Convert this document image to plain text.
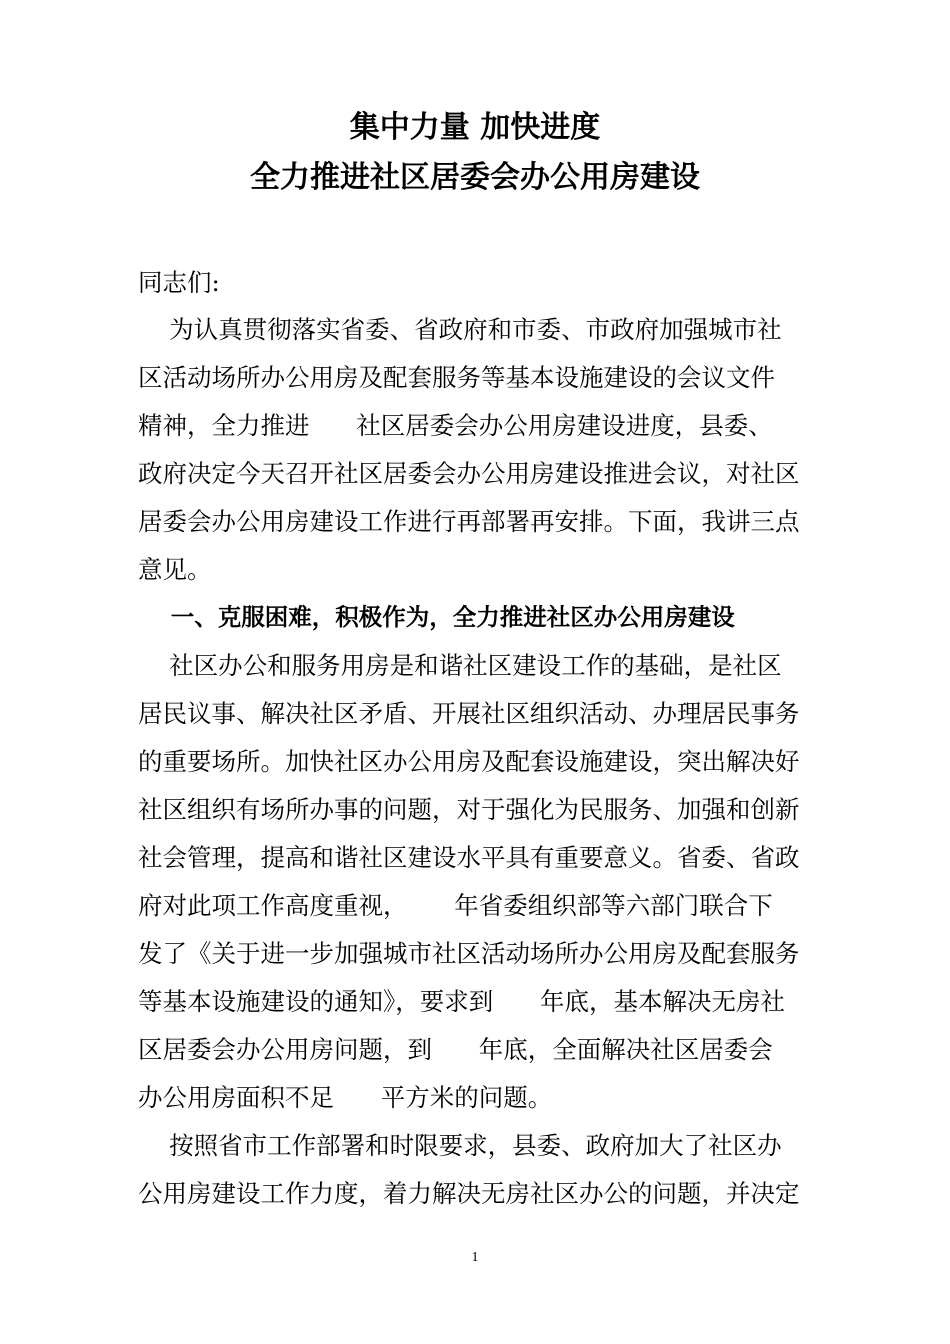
集中力量 加快进度
全力推进社区居委会办公用房建设
同志们:
为认真贯彻落实省委、省政府和市委、市政府加强城市社
区活动场所办公用房及配套服务等基本设施建设的会议文件
精神，全力推进      社区居委会办公用房建设进度，县委、
政府决定今天召开社区居委会办公用房建设推进会议，对社区
居委会办公用房建设工作进行再部署再安排。下面，我讲三点
意见。
一、克服困难，积极作为，全力推进社区办公用房建设
社区办公和服务用房是和谐社区建设工作的基础，是社区
居民议事、解决社区矛盾、开展社区组织活动、办理居民事务
的重要场所。加快社区办公用房及配套设施建设，突出解决好
社区组织有场所办事的问题，对于强化为民服务、加强和创新
社会管理，提高和谐社区建设水平具有重要意义。省委、省政
府对此项工作高度重视，      年省委组织部等六部门联合下
发了《关于进一步加强城市社区活动场所办公用房及配套服务
等基本设施建设的通知》，要求到      年底，基本解决无房社
区居委会办公用房问题，到      年底，全面解决社区居委会
办公用房面积不足      平方米的问题。
按照省市工作部署和时限要求，县委、政府加大了社区办
公用房建设工作力度，着力解决无房社区办公的问题，并决定
1
